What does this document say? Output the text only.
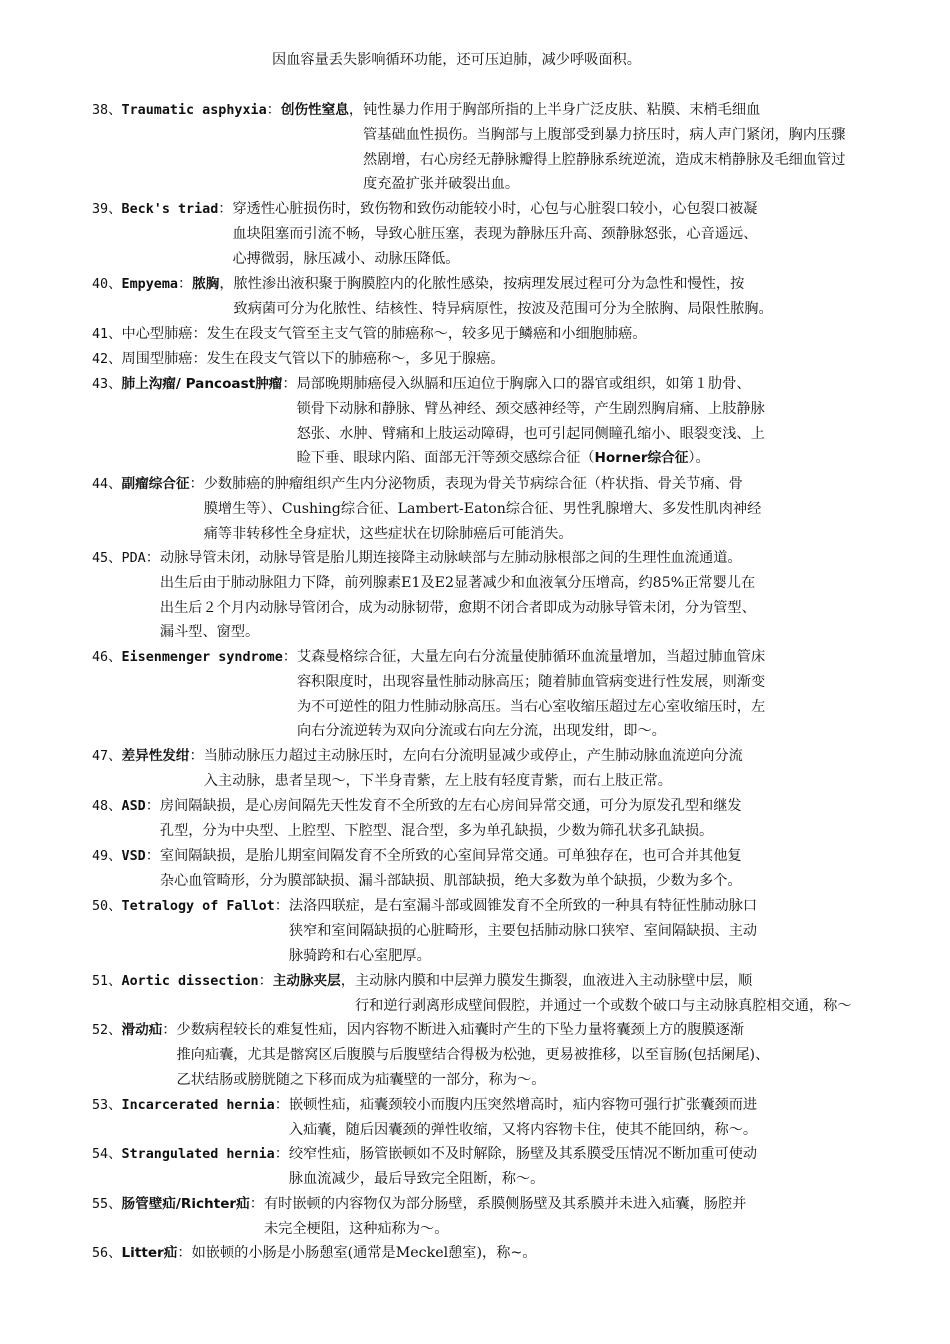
因血容量丢失影响循环功能，还可压迫肺，减少呼吸面积。
38、Traumatic asphyxia：创伤性窒息， 钝性暴力作用于胸部所指的上半身广泛皮肤、粘膜、末梢毛细血
管基础血性损伤。当胸部与上腹部受到暴力挤压时，病人声门紧闭，胸内压骤
然剧增，右心房经无静脉瓣得上腔静脉系统逆流，造成末梢静脉及毛细血管过
度充盈扩张并破裂出血。
39、Beck's triad： 穿透性心脏损伤时，致伤物和致伤动能较小时，心包与心脏裂口较小，心包裂口被凝
血块阻塞而引流不畅，导致心脏压塞，表现为静脉压升高、颈静脉怒张，心音遥远、
心搏微弱，脉压减小、动脉压降低。
40、Empyema：脓胸， 脓性渗出液积聚于胸膜腔内的化脓性感染，按病理发展过程可分为急性和慢性，按
致病菌可分为化脓性、结核性、特异病原性，按波及范围可分为全脓胸、局限性脓胸。
41、中心型肺癌： 发生在段支气管至主支气管的肺癌称～，较多见于鳞癌和小细胞肺癌。
42、周围型肺癌： 发生在段支气管以下的肺癌称～，多见于腺癌。
43、肺上沟瘤/ Pancoast肿瘤： 局部晚期肺癌侵入纵膈和压迫位于胸廓入口的器官或组织，如第１肋骨、
锁骨下动脉和静脉、臂丛神经、颈交感神经等，产生剧烈胸肩痛、上肢静脉
怒张、水肿、臂痛和上肢运动障碍，也可引起同侧瞳孔缩小、眼裂变浅、上
睑下垂、眼球内陷、面部无汗等颈交感综合征（Horner综合征）。
44、副瘤综合征： 少数肺癌的肿瘤组织产生内分泌物质，表现为骨关节病综合征（杵状指、骨关节痛、骨
膜增生等）、Cushing综合征、Lambert-Eaton综合征、男性乳腺增大、多发性肌肉神经
痛等非转移性全身症状，这些症状在切除肺癌后可能消失。
45、PDA： 动脉导管未闭，动脉导管是胎儿期连接降主动脉峡部与左肺动脉根部之间的生理性血流通道。
出生后由于肺动脉阻力下降，前列腺素E1及E2显著减少和血液氧分压增高，约85%正常婴儿在
出生后２个月内动脉导管闭合，成为动脉韧带，愈期不闭合者即成为动脉导管未闭，分为管型、
漏斗型、窗型。
46、Eisenmenger syndrome： 艾森曼格综合征，大量左向右分流量使肺循环血流量增加，当超过肺血管床
容积限度时，出现容量性肺动脉高压；随着肺血管病变进行性发展，则渐变
为不可逆性的阻力性肺动脉高压。当右心室收缩压超过左心室收缩压时，左
向右分流逆转为双向分流或右向左分流，出现发绀，即～。
47、差异性发绀： 当肺动脉压力超过主动脉压时，左向右分流明显减少或停止，产生肺动脉血流逆向分流
入主动脉，患者呈现～，下半身青紫，左上肢有轻度青紫，而右上肢正常。
48、ASD： 房间隔缺损，是心房间隔先天性发育不全所致的左右心房间异常交通，可分为原发孔型和继发
孔型，分为中央型、上腔型、下腔型、混合型，多为单孔缺损，少数为筛孔状多孔缺损。
49、VSD： 室间隔缺损，是胎儿期室间隔发育不全所致的心室间异常交通。可单独存在，也可合并其他复
杂心血管畸形，分为膜部缺损、漏斗部缺损、肌部缺损，绝大多数为单个缺损，少数为多个。
50、Tetralogy of Fallot： 法洛四联症，是右室漏斗部或圆锥发育不全所致的一种具有特征性肺动脉口
狭窄和室间隔缺损的心脏畸形，主要包括肺动脉口狭窄、室间隔缺损、主动
脉骑跨和右心室肥厚。
51、Aortic dissection：主动脉夹层， 主动脉内膜和中层弹力膜发生撕裂，血液进入主动脉壁中层，顺
行和逆行剥离形成壁间假腔，并通过一个或数个破口与主动脉真腔相交通，称～
52、滑动疝： 少数病程较长的难复性疝，因内容物不断进入疝囊时产生的下坠力量将囊颈上方的腹膜逐渐
推向疝囊，尤其是髂窝区后腹膜与后腹壁结合得极为松弛，更易被推移，以至盲肠(包括阑尾)、
乙状结肠或膀胱随之下移而成为疝囊壁的一部分，称为～。
53、Incarcerated hernia： 嵌顿性疝，疝囊颈较小而腹内压突然增高时，疝内容物可强行扩张囊颈而进
入疝囊，随后因囊颈的弹性收缩，又将内容物卡住，使其不能回纳，称～。
54、Strangulated hernia： 绞窄性疝，肠管嵌顿如不及时解除，肠壁及其系膜受压情况不断加重可使动
脉血流减少，最后导致完全阻断，称～。
55、肠管壁疝/Richter疝： 有时嵌顿的内容物仅为部分肠壁，系膜侧肠壁及其系膜并未进入疝囊，肠腔并
未完全梗阻，这种疝称为～。
56、Litter疝： 如嵌顿的小肠是小肠憩室(通常是Meckel憩室)，称~。
